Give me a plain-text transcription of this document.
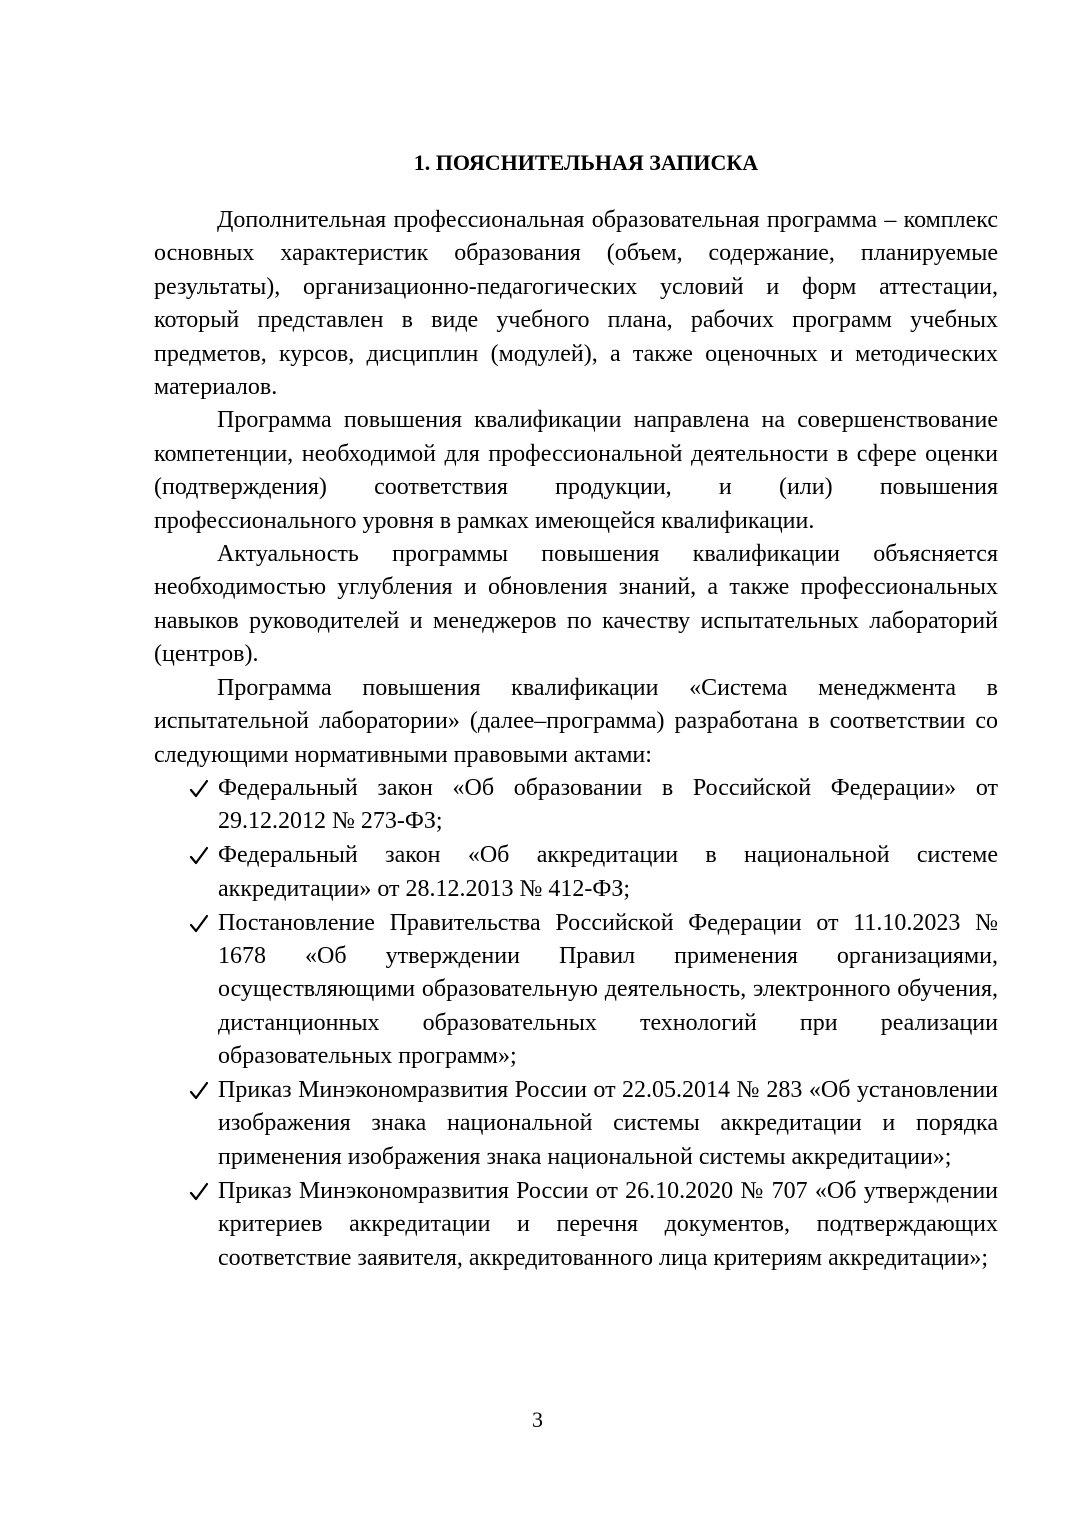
1. ПОЯСНИТЕЛЬНАЯ ЗАПИСКА

Дополнительная профессиональная образовательная программа – комплекс основных характеристик образования (объем, содержание, планируемые результаты), организационно-педагогических условий и форм аттестации, который представлен в виде учебного плана, рабочих программ учебных предметов, курсов, дисциплин (модулей), а также оценочных и методических материалов.

Программа повышения квалификации направлена на совершенствование компетенции, необходимой для профессиональной деятельности в сфере оценки (подтверждения) соответствия продукции, и (или) повышения профессионального уровня в рамках имеющейся квалификации.

Актуальность программы повышения квалификации объясняется необходимостью углубления и обновления знаний, а также профессиональных навыков руководителей и менеджеров по качеству испытательных лабораторий (центров).

Программа повышения квалификации «Система менеджмента в испытательной лаборатории» (далее–программа) разработана в соответствии со следующими нормативными правовыми актами:

Федеральный закон «Об образовании в Российской Федерации» от 29.12.2012 № 273-ФЗ;
Федеральный закон «Об аккредитации в национальной системе аккредитации» от 28.12.2013 № 412-ФЗ;
Постановление Правительства Российской Федерации от 11.10.2023 № 1678 «Об утверждении Правил применения организациями, осуществляющими образовательную деятельность, электронного обучения, дистанционных образовательных технологий при реализации образовательных программ»;
Приказ Минэкономразвития России от 22.05.2014 № 283 «Об установлении изображения знака национальной системы аккредитации и порядка применения изображения знака национальной системы аккредитации»;
Приказ Минэкономразвития России от 26.10.2020 № 707 «Об утверждении критериев аккредитации и перечня документов, подтверждающих соответствие заявителя, аккредитованного лица критериям аккредитации»;
3
